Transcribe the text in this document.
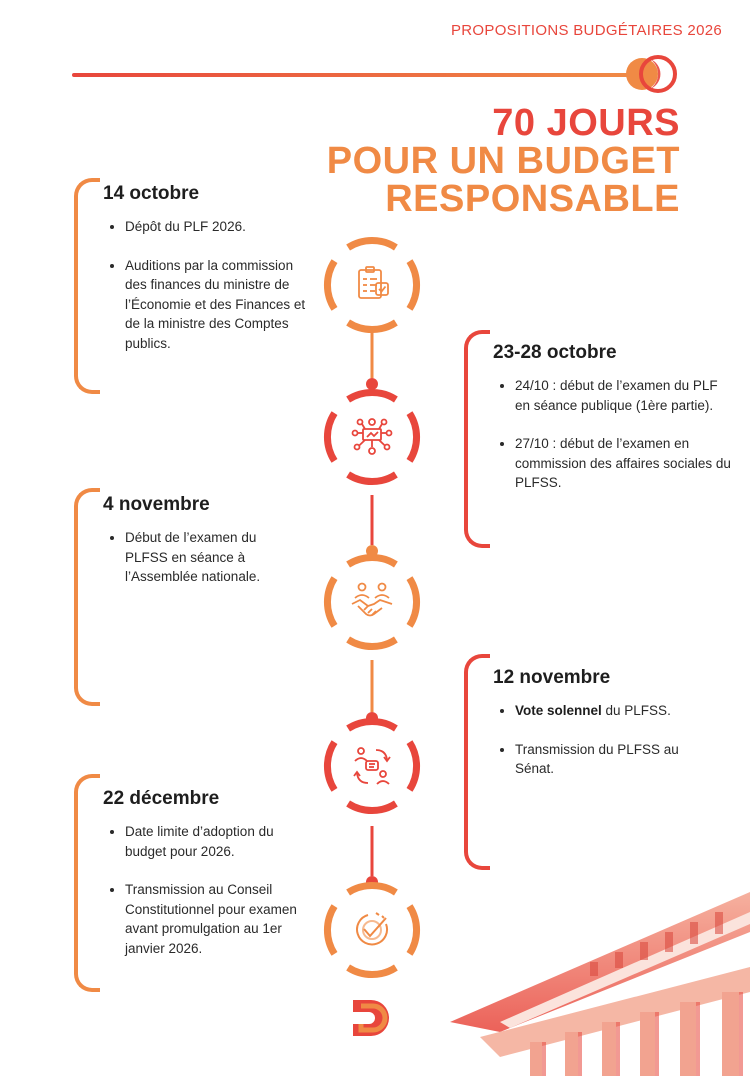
PROPOSITIONS BUDGÉTAIRES 2026
70 JOURS
POUR UN BUDGET
RESPONSABLE
14 octobre
• Dépôt du PLF 2026.
• Auditions par la commission des finances du ministre de l’Économie et des Finances et de la ministre des Comptes publics.	23-28 octobre
• 24/10 : début de l’examen du PLF en séance publique (1ère partie).
• 27/10 : début de l’examen en commission des affaires sociales du PLFSS.
4 novembre
• Début de l’examen du PLFSS en séance à l’Assemblée nationale.
12 novembre
• Vote solennel du PLFSS.
• Transmission du PLFSS au Sénat.
22 décembre
• Date limite d’adoption du budget pour 2026.
• Transmission au Conseil Constitutionnel pour examen avant promulgation au 1er janvier 2026.
